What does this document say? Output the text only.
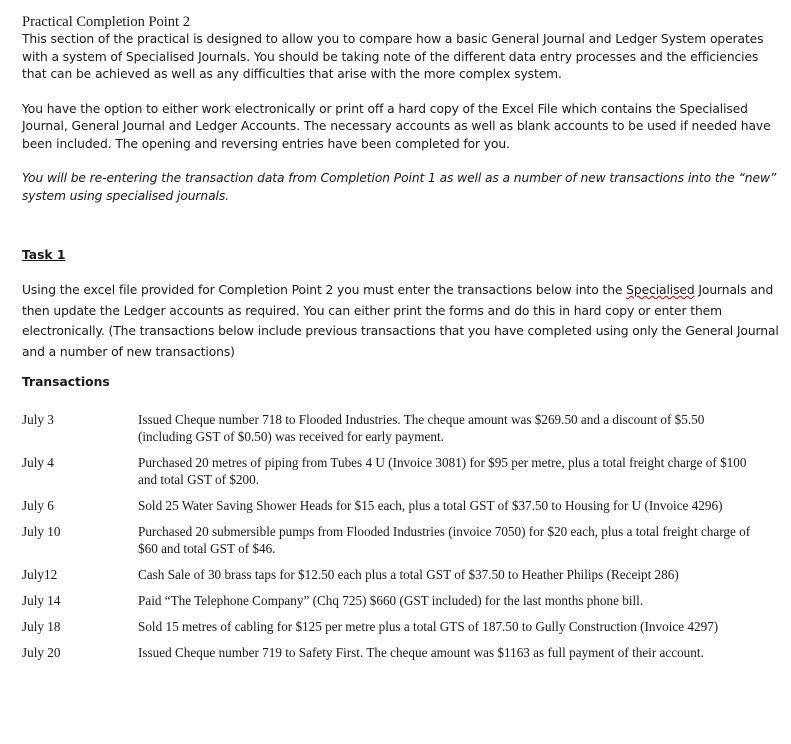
Practical Completion Point 2

This section of the practical is designed to allow you to compare how a basic General Journal and Ledger System operates with a system of Specialised Journals. You should be taking note of the different data entry processes and the efficiencies that can be achieved as well as any difficulties that arise with the more complex system.

You have the option to either work electronically or print off a hard copy of the Excel File which contains the Specialised Journal, General Journal and Ledger Accounts. The necessary accounts as well as blank accounts to be used if needed have been included. The opening and reversing entries have been completed for you.

You will be re-entering the transaction data from Completion Point 1 as well as a number of new transactions into the “new” system using specialised journals.

Task 1

Using the excel file provided for Completion Point 2 you must enter the transactions below into the Specialised Journals and then update the Ledger accounts as required. You can either print the forms and do this in hard copy or enter them electronically. (The transactions below include previous transactions that you have completed using only the General Journal and a number of new transactions)

Transactions
July 3	Issued Cheque number 718 to Flooded Industries. The cheque amount was $269.50 and a discount of $5.50 (including GST of $0.50) was received for early payment.
July 4	Purchased 20 metres of piping from Tubes 4 U (Invoice 3081) for $95 per metre, plus a total freight charge of $100 and total GST of $200.
July 6	Sold 25 Water Saving Shower Heads for $15 each, plus a total GST of $37.50 to Housing for U (Invoice 4296)
July 10	Purchased 20 submersible pumps from Flooded Industries (invoice 7050) for $20 each, plus a total freight charge of $60 and total GST of $46.
July12	Cash Sale of 30 brass taps for $12.50 each plus a total GST of $37.50 to Heather Philips (Receipt 286)
July 14	Paid “The Telephone Company” (Chq 725) $660 (GST included) for the last months phone bill.
July 18	Sold 15 metres of cabling for $125 per metre plus a total GTS of 187.50 to Gully Construction (Invoice 4297)
July 20	Issued Cheque number 719 to Safety First. The cheque amount was $1163 as full payment of their account.
